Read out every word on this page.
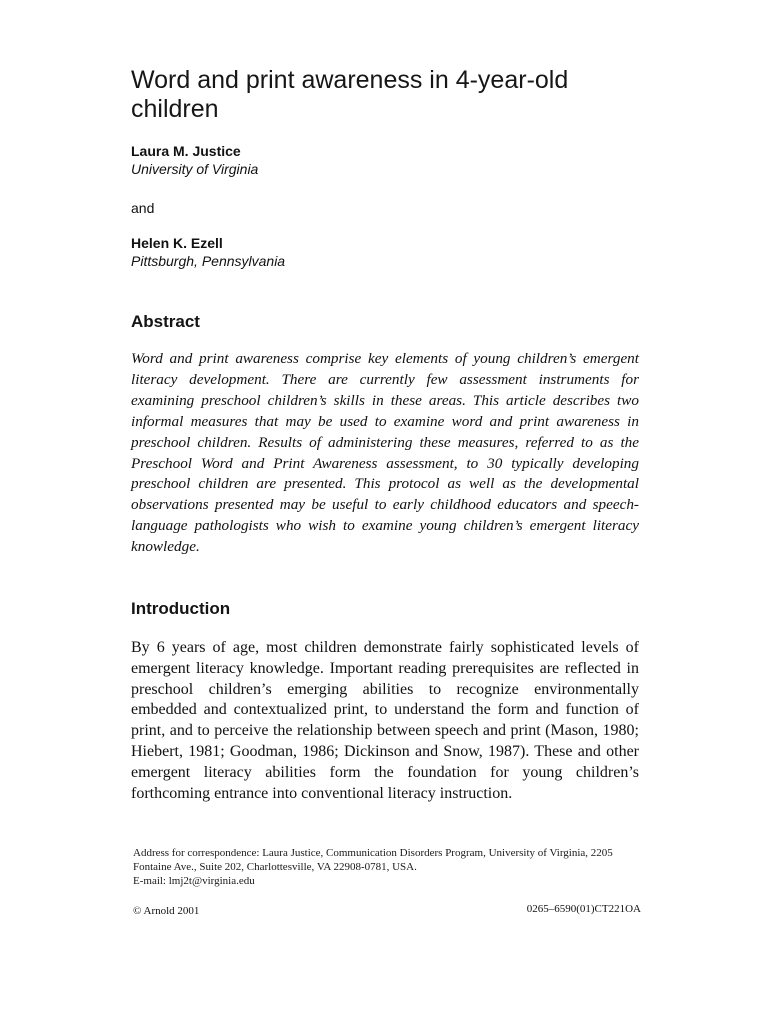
Word and print awareness in 4-year-old children

Laura M. Justice

University of Virginia

and

Helen K. Ezell

Pittsburgh, Pennsylvania

Abstract

Word and print awareness comprise key elements of young children’s emergent literacy development. There are currently few assessment instruments for examining preschool children’s skills in these areas. This article describes two informal measures that may be used to examine word and print awareness in preschool children. Results of administering these measures, referred to as the Preschool Word and Print Awareness assessment, to 30 typically developing preschool children are presented. This protocol as well as the developmental observations presented may be useful to early childhood educators and speech-language pathologists who wish to examine young children’s emergent literacy knowledge.

Introduction

By 6 years of age, most children demonstrate fairly sophisticated levels of emergent literacy knowledge. Important reading prerequisites are reflected in preschool children’s emerging abilities to recognize environmentally embedded and contextualized print, to understand the form and function of print, and to perceive the relationship between speech and print (Mason, 1980; Hiebert, 1981; Goodman, 1986; Dickinson and Snow, 1987). These and other emergent literacy abilities form the foundation for young children’s forthcoming entrance into conventional literacy instruction.

Address for correspondence: Laura Justice, Communication Disorders Program, University of Virginia, 2205 Fontaine Ave., Suite 202, Charlottesville, VA 22908-0781, USA.
E-mail: lmj2t@virginia.edu

© Arnold 2001	0265–6590(01)CT221OA
